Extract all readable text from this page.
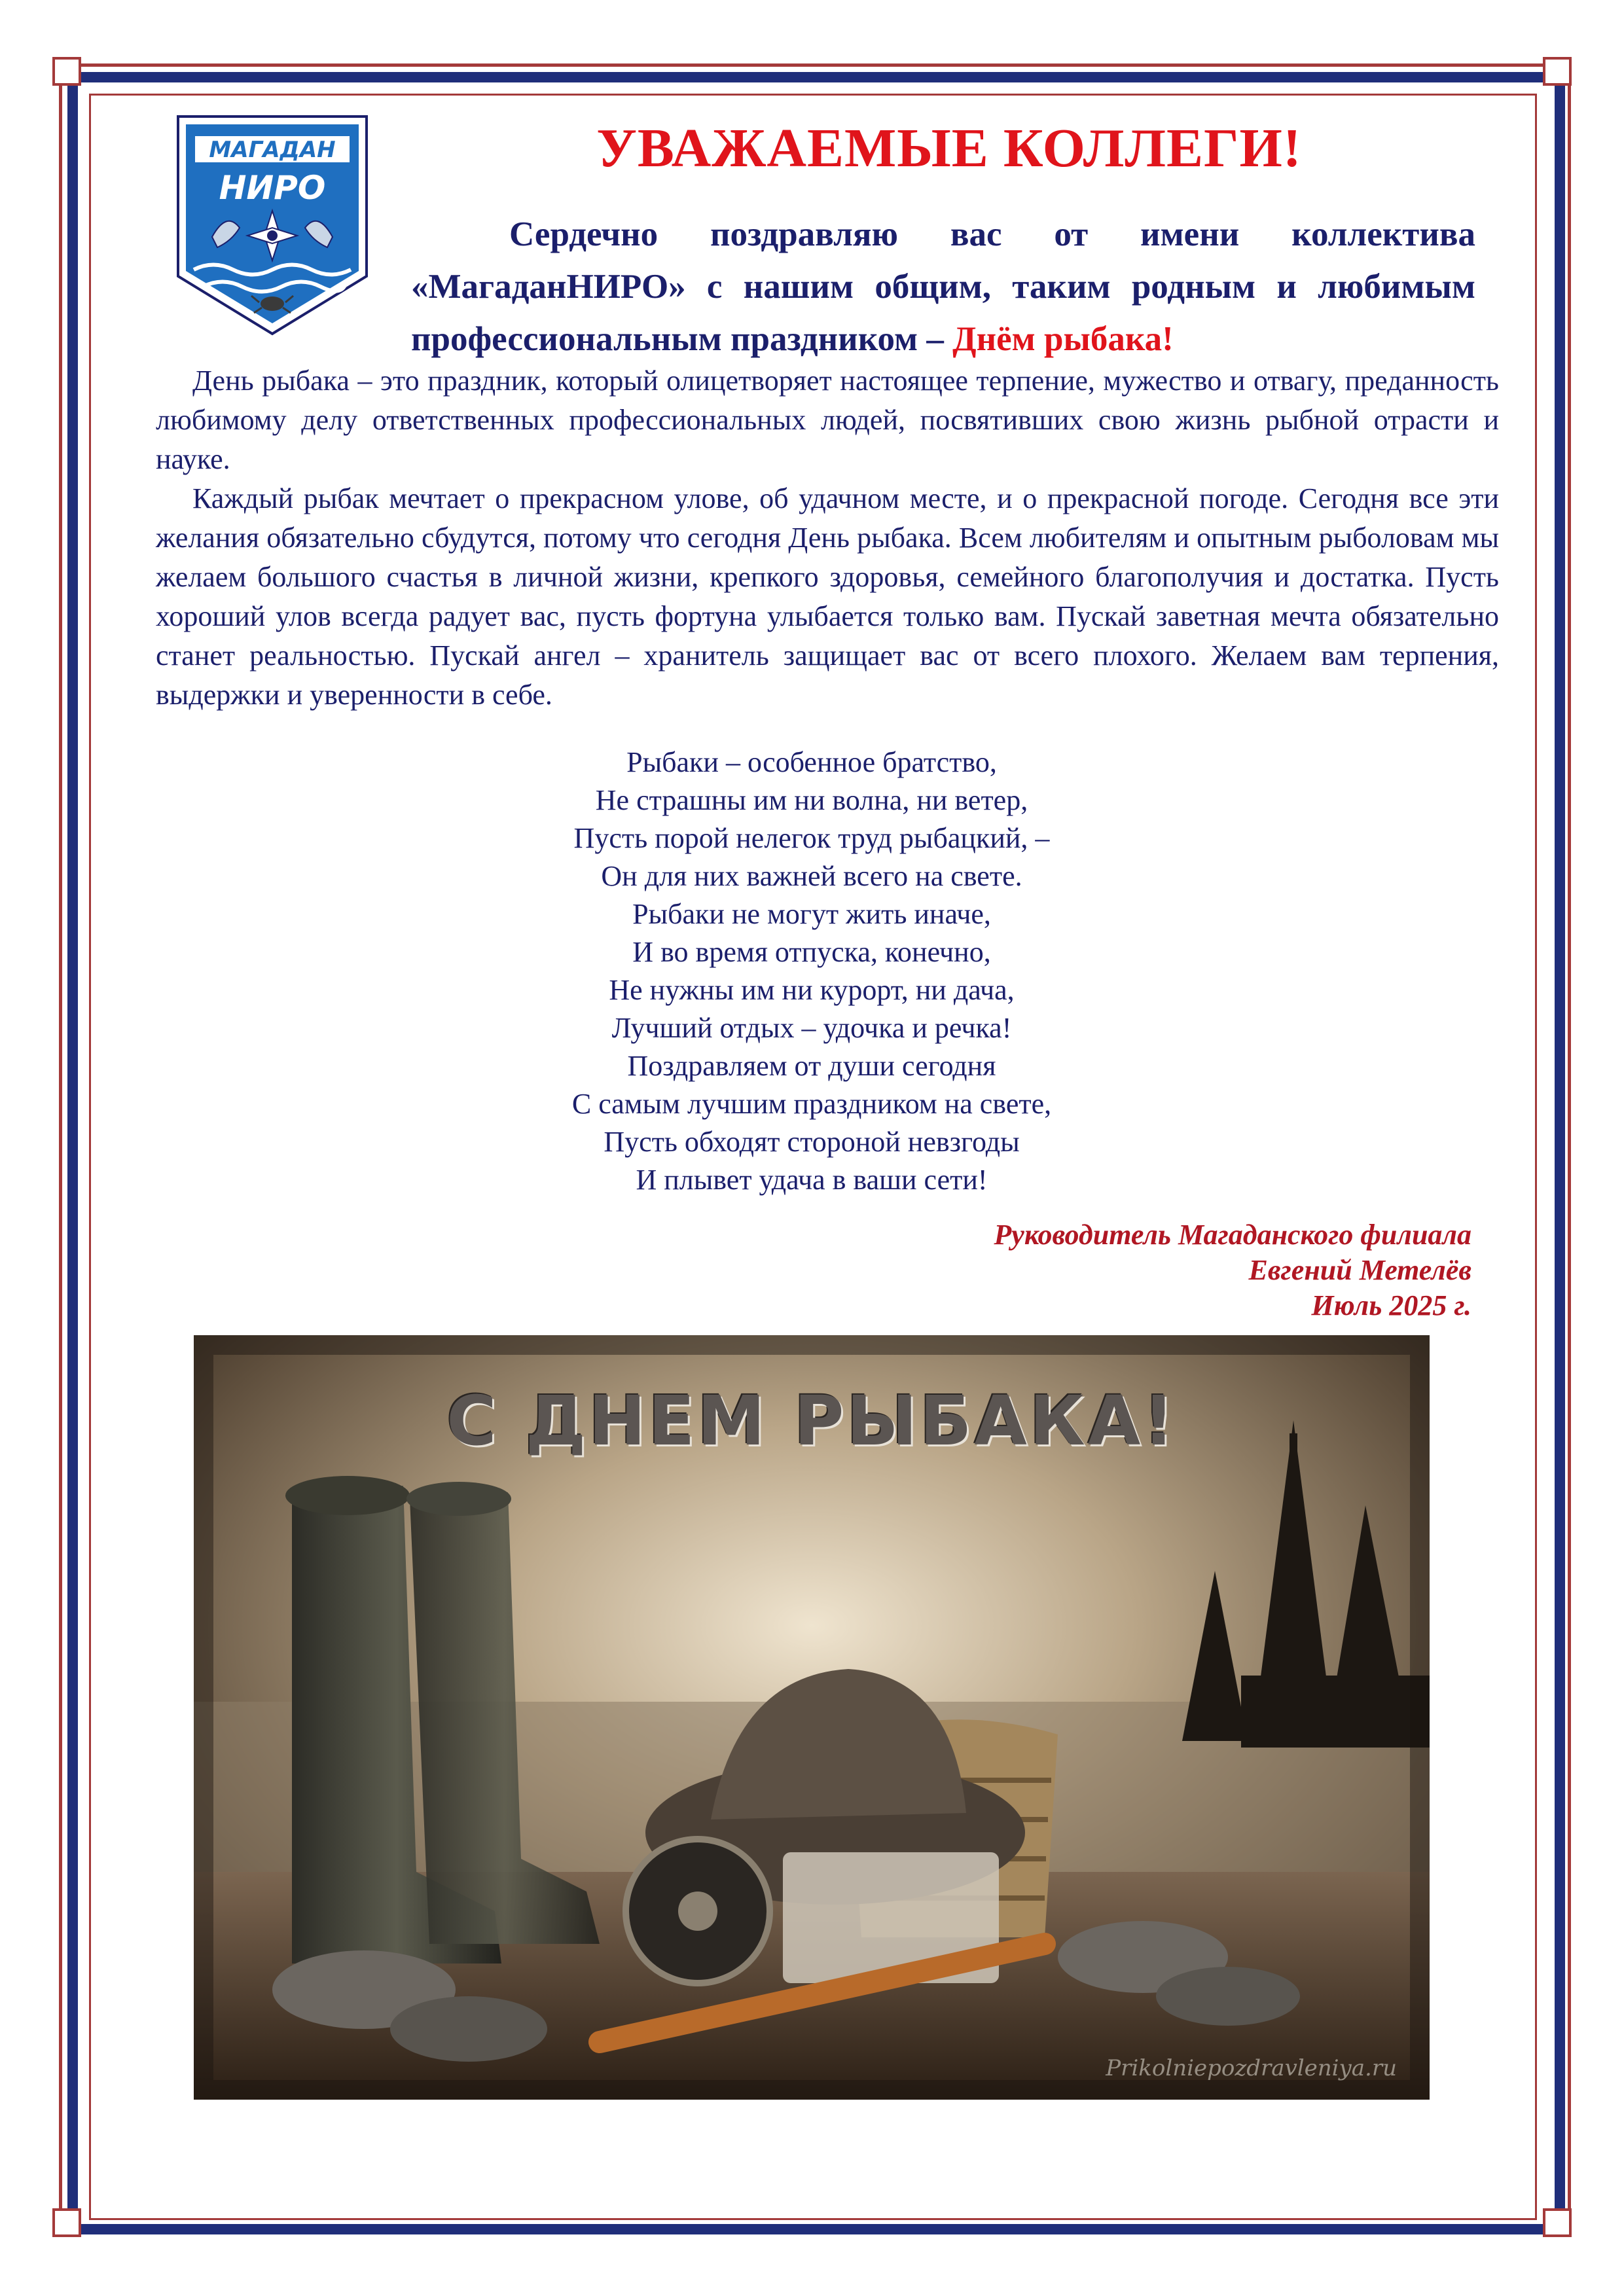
МАГАДАН
НИРО
УВАЖАЕМЫЕ КОЛЛЕГИ!

Сердечно поздравляю вас от имени коллектива «МагаданНИРО» с нашим общим, таким родным и любимым профессиональным праздником – Днём рыбака!

День рыбака – это праздник, который олицетворяет настоящее терпение, мужество и отвагу, преданность любимому делу ответственных профессиональных людей, посвятивших свою жизнь рыбной отрасти и науке.

Каждый рыбак мечтает о прекрасном улове, об удачном месте, и о прекрасной погоде. Сегодня все эти желания обязательно сбудутся, потому что сегодня День рыбака. Всем любителям и опытным рыболовам мы желаем большого счастья в личной жизни, крепкого здоровья, семейного благополучия и достатка. Пусть хороший улов всегда радует вас, пусть фортуна улыбается только вам. Пускай заветная мечта обязательно станет реальностью. Пускай ангел – хранитель защищает вас от всего плохого. Желаем вам терпения, выдержки и уверенности в себе.

Рыбаки – особенное братство,
Не страшны им ни волна, ни ветер,
Пусть порой нелегок труд рыбацкий, –
Он для них важней всего на свете.
Рыбаки не могут жить иначе,
И во время отпуска, конечно,
Не нужны им ни курорт, ни дача,
Лучший отдых – удочка и речка!
Поздравляем от души сегодня
С самым лучшим праздником на свете,
Пусть обходят стороной невзгоды
И плывет удача в ваши сети!
Руководитель Магаданского филиала
Евгений Метелёв
Июль 2025 г.
С ДНЕМ РЫБАКА!
Prikolniepozdravleniya.ru
